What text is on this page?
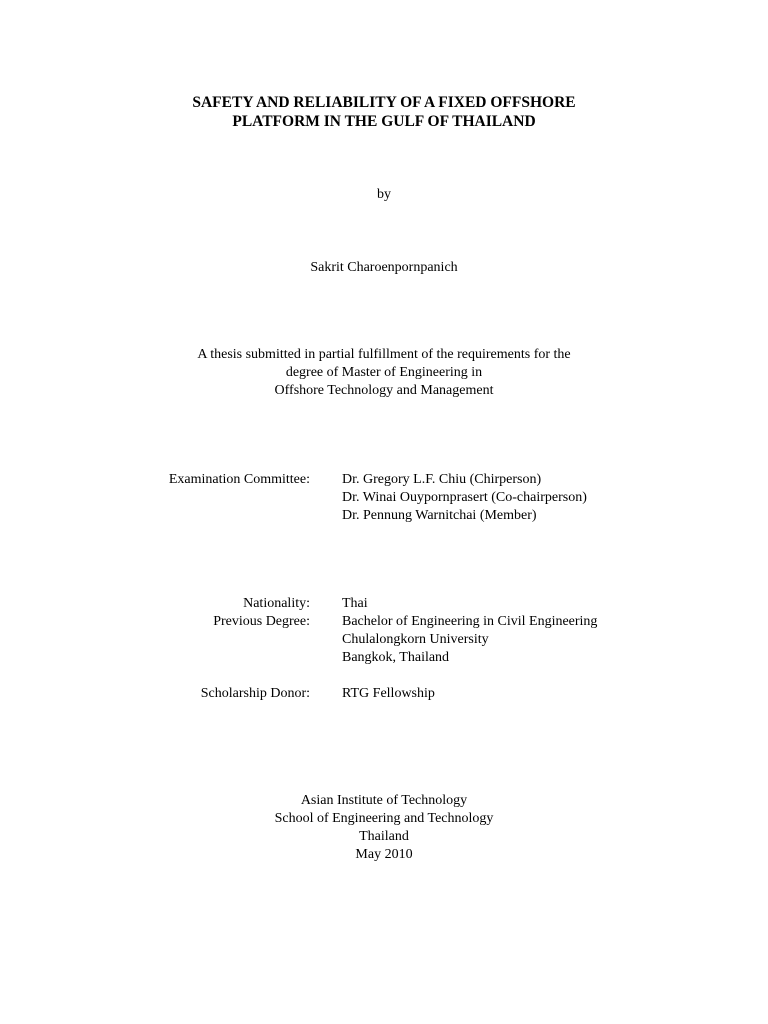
SAFETY AND RELIABILITY OF A FIXED OFFSHORE
PLATFORM IN THE GULF OF THAILAND
by
Sakrit Charoenpornpanich
A thesis submitted in partial fulfillment of the requirements for the
degree of Master of Engineering in
Offshore Technology and Management
Examination Committee: Dr. Gregory L.F. Chiu (Chirperson)
Dr. Winai Ouypornprasert (Co-chairperson)
Dr. Pennung Warnitchai (Member)
Nationality: Thai
Previous Degree: Bachelor of Engineering in Civil Engineering
Chulalongkorn University
Bangkok, Thailand
Scholarship Donor: RTG Fellowship
Asian Institute of Technology
School of Engineering and Technology
Thailand
May 2010
